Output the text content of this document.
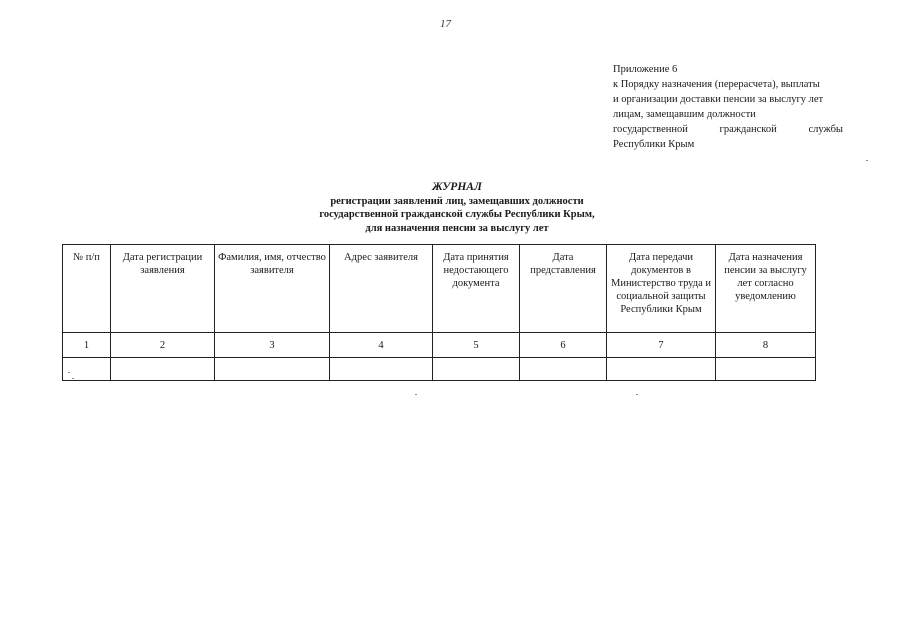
17
Приложение 6
к Порядку назначения (перерасчета), выплаты
и организации доставки пенсии за выслугу лет
лицам, замещавшим должности
государственной	гражданской	службы
Республики Крым
ЖУРНАЛ
регистрации заявлений лиц, замещавших должности
государственной гражданской службы Республики Крым,
для назначения пенсии за выслугу лет
№ п/п	Дата регистрации заявления	Фамилия, имя, отчество заявителя	Адрес заявителя	Дата принятия недостающего документа	Дата представления	Дата передачи документов в Министерство труда и социальной защиты Республики Крым	Дата назначения пенсии за выслугу лет согласно уведомлению
1	2	3	4	5	6	7	8
